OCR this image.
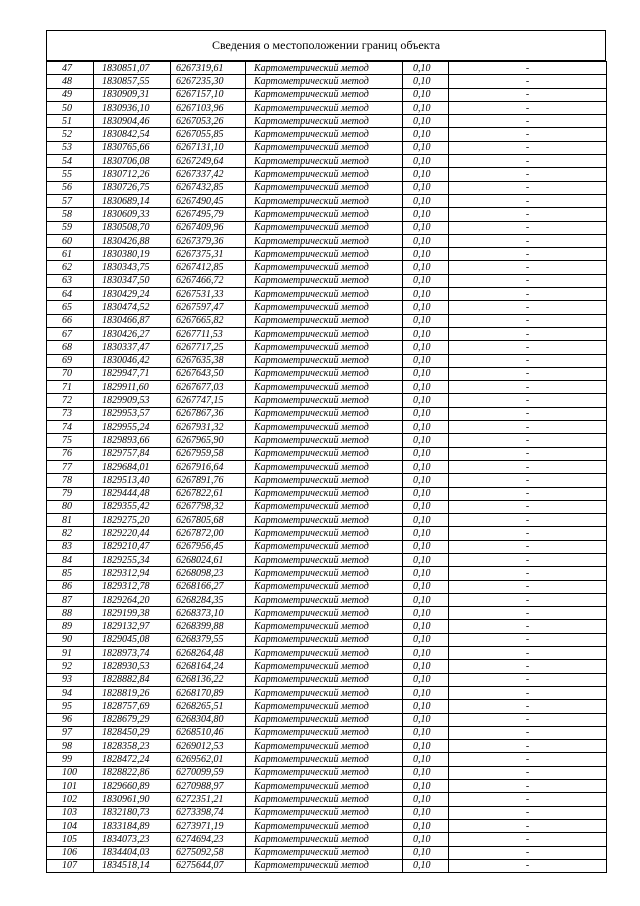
Сведения о местоположении границ объекта
47	1830851,07	6267319,61	Картометрический метод	0,10	-
48	1830857,55	6267235,30	Картометрический метод	0,10	-
49	1830909,31	6267157,10	Картометрический метод	0,10	-
50	1830936,10	6267103,96	Картометрический метод	0,10	-
51	1830904,46	6267053,26	Картометрический метод	0,10	-
52	1830842,54	6267055,85	Картометрический метод	0,10	-
53	1830765,66	6267131,10	Картометрический метод	0,10	-
54	1830706,08	6267249,64	Картометрический метод	0,10	-
55	1830712,26	6267337,42	Картометрический метод	0,10	-
56	1830726,75	6267432,85	Картометрический метод	0,10	-
57	1830689,14	6267490,45	Картометрический метод	0,10	-
58	1830609,33	6267495,79	Картометрический метод	0,10	-
59	1830508,70	6267409,96	Картометрический метод	0,10	-
60	1830426,88	6267379,36	Картометрический метод	0,10	-
61	1830380,19	6267375,31	Картометрический метод	0,10	-
62	1830343,75	6267412,85	Картометрический метод	0,10	-
63	1830347,50	6267466,72	Картометрический метод	0,10	-
64	1830429,24	6267531,33	Картометрический метод	0,10	-
65	1830474,52	6267597,47	Картометрический метод	0,10	-
66	1830466,87	6267665,82	Картометрический метод	0,10	-
67	1830426,27	6267711,53	Картометрический метод	0,10	-
68	1830337,47	6267717,25	Картометрический метод	0,10	-
69	1830046,42	6267635,38	Картометрический метод	0,10	-
70	1829947,71	6267643,50	Картометрический метод	0,10	-
71	1829911,60	6267677,03	Картометрический метод	0,10	-
72	1829909,53	6267747,15	Картометрический метод	0,10	-
73	1829953,57	6267867,36	Картометрический метод	0,10	-
74	1829955,24	6267931,32	Картометрический метод	0,10	-
75	1829893,66	6267965,90	Картометрический метод	0,10	-
76	1829757,84	6267959,58	Картометрический метод	0,10	-
77	1829684,01	6267916,64	Картометрический метод	0,10	-
78	1829513,40	6267891,76	Картометрический метод	0,10	-
79	1829444,48	6267822,61	Картометрический метод	0,10	-
80	1829355,42	6267798,32	Картометрический метод	0,10	-
81	1829275,20	6267805,68	Картометрический метод	0,10	-
82	1829220,44	6267872,00	Картометрический метод	0,10	-
83	1829210,47	6267956,45	Картометрический метод	0,10	-
84	1829255,34	6268024,61	Картометрический метод	0,10	-
85	1829312,94	6268098,23	Картометрический метод	0,10	-
86	1829312,78	6268166,27	Картометрический метод	0,10	-
87	1829264,20	6268284,35	Картометрический метод	0,10	-
88	1829199,38	6268373,10	Картометрический метод	0,10	-
89	1829132,97	6268399,88	Картометрический метод	0,10	-
90	1829045,08	6268379,55	Картометрический метод	0,10	-
91	1828973,74	6268264,48	Картометрический метод	0,10	-
92	1828930,53	6268164,24	Картометрический метод	0,10	-
93	1828882,84	6268136,22	Картометрический метод	0,10	-
94	1828819,26	6268170,89	Картометрический метод	0,10	-
95	1828757,69	6268265,51	Картометрический метод	0,10	-
96	1828679,29	6268304,80	Картометрический метод	0,10	-
97	1828450,29	6268510,46	Картометрический метод	0,10	-
98	1828358,23	6269012,53	Картометрический метод	0,10	-
99	1828472,24	6269562,01	Картометрический метод	0,10	-
100	1828822,86	6270099,59	Картометрический метод	0,10	-
101	1829660,89	6270988,97	Картометрический метод	0,10	-
102	1830961,90	6272351,21	Картометрический метод	0,10	-
103	1832180,73	6273398,74	Картометрический метод	0,10	-
104	1833184,89	6273971,19	Картометрический метод	0,10	-
105	1834073,23	6274694,23	Картометрический метод	0,10	-
106	1834404,03	6275092,58	Картометрический метод	0,10	-
107	1834518,14	6275644,07	Картометрический метод	0,10	-
